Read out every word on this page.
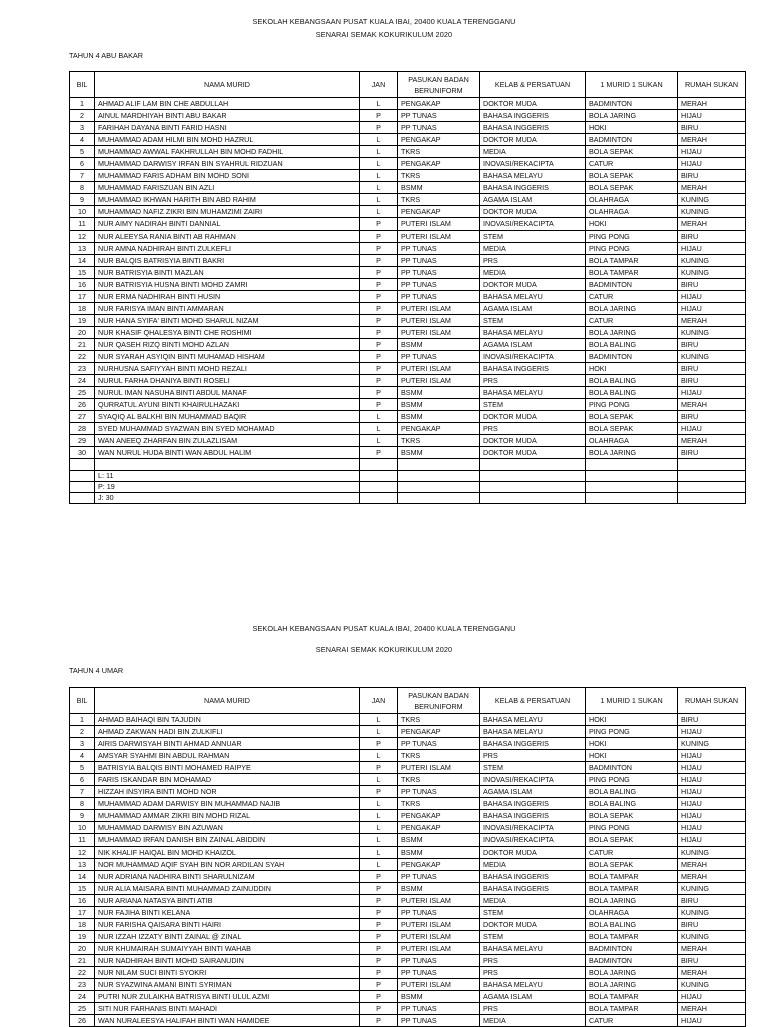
SEKOLAH KEBANGSAAN PUSAT KUALA IBAI, 20400 KUALA TERENGGANU
SENARAI SEMAK KOKURIKULUM 2020
TAHUN 4 ABU BAKAR
BIL	NAMA MURID	JAN	PASUKAN BADAN BERUNIFORM	KELAB & PERSATUAN	1 MURID 1 SUKAN	RUMAH SUKAN
1	AHMAD ALIF LAM BIN CHE ABDULLAH	L	PENGAKAP	DOKTOR MUDA	BADMINTON	MERAH
2	AINUL MARDHIYAH BINTI ABU BAKAR	P	PP TUNAS	BAHASA INGGERIS	BOLA JARING	HIJAU
3	FARIHAH DAYANA BINTI FARID HASNI	P	PP TUNAS	BAHASA INGGERIS	HOKI	BIRU
4	MUHAMMAD ADAM HILMI BIN MOHD HAZRUL	L	PENGAKAP	DOKTOR MUDA	BADMINTON	MERAH
5	MUHAMMAD AWWAL FAKHRULLAH BIN MOHD FADHIL	L	TKRS	MEDIA	BOLA SEPAK	HIJAU
6	MUHAMMAD DARWISY IRFAN BIN SYAHRUL RIDZUAN	L	PENGAKAP	INOVASI/REKACIPTA	CATUR	HIJAU
7	MUHAMMAD FARIS ADHAM BIN MOHD SONI	L	TKRS	BAHASA MELAYU	BOLA SEPAK	BIRU
8	MUHAMMAD FARISZUAN BIN AZLI	L	BSMM	BAHASA INGGERIS	BOLA SEPAK	MERAH
9	MUHAMMAD IKHWAN HARITH BIN ABD RAHIM	L	TKRS	AGAMA ISLAM	OLAHRAGA	KUNING
10	MUHAMMAD NAFIZ ZIKRI BIN MUHAMZIMI ZAIRI	L	PENGAKAP	DOKTOR MUDA	OLAHRAGA	KUNING
11	NUR AIMY NADIRAH BINTI DANNIAL	P	PUTERI ISLAM	INOVASI/REKACIPTA	HOKI	MERAH
12	NUR ALEEYSA RANIA BINTI AB RAHMAN	P	PUTERI ISLAM	STEM	PING PONG	BIRU
13	NUR AMNA NADHIRAH BINTI ZULKEFLI	P	PP TUNAS	MEDIA	PING PONG	HIJAU
14	NUR BALQIS BATRISYIA BINTI BAKRI	P	PP TUNAS	PRS	BOLA TAMPAR	KUNING
15	NUR BATRISYIA BINTI MAZLAN	P	PP TUNAS	MEDIA	BOLA TAMPAR	KUNING
16	NUR BATRISYIA HUSNA BINTI MOHD ZAMRI	P	PP TUNAS	DOKTOR MUDA	BADMINTON	BIRU
17	NUR ERMA NADHIRAH BINTI HUSIN	P	PP TUNAS	BAHASA MELAYU	CATUR	HIJAU
18	NUR FARISYA IMAN BINTI AMMARAN	P	PUTERI ISLAM	AGAMA ISLAM	BOLA JARING	HIJAU
19	NUR HANA SYIFA' BINTI MOHD SHARUL NIZAM	P	PUTERI ISLAM	STEM	CATUR	MERAH
20	NUR KHASIF QHALESYA BINTI CHE ROSHIMI	P	PUTERI ISLAM	BAHASA MELAYU	BOLA JARING	KUNING
21	NUR QASEH RIZQ BINTI MOHD AZLAN	P	BSMM	AGAMA ISLAM	BOLA BALING	BIRU
22	NUR SYARAH ASYIQIN BINTI MUHAMAD HISHAM	P	PP TUNAS	INOVASI/REKACIPTA	BADMINTON	KUNING
23	NURHUSNA SAFIYYAH BINTI MOHD REZALI	P	PUTERI ISLAM	BAHASA INGGERIS	HOKI	BIRU
24	NURUL FARHA DHANIYA BINTI ROSELI	P	PUTERI ISLAM	PRS	BOLA BALING	BIRU
25	NURUL IMAN NASUHA BINTI ABDUL MANAF	P	BSMM	BAHASA MELAYU	BOLA BALING	HIJAU
26	QURRATUL AYUNI BINTI KHAIRULHAZAKI	P	BSMM	STEM	PING PONG	MERAH
27	SYAQIQ AL BALKHI BIN MUHAMMAD BAQIR	L	BSMM	DOKTOR MUDA	BOLA SEPAK	BIRU
28	SYED MUHAMMAD SYAZWAN BIN SYED MOHAMAD	L	PENGAKAP	PRS	BOLA SEPAK	HIJAU
29	WAN ANEEQ ZHARFAN BIN ZULAZLISAM	L	TKRS	DOKTOR MUDA	OLAHRAGA	MERAH
30	WAN NURUL HUDA BINTI WAN ABDUL HALIM	P	BSMM	DOKTOR MUDA	BOLA JARING	BIRU

	L: 11					
	P: 19					
	J: 30					
SEKOLAH KEBANGSAAN PUSAT KUALA IBAI, 20400 KUALA TERENGGANU
SENARAI SEMAK KOKURIKULUM 2020
TAHUN 4 UMAR
BIL	NAMA MURID	JAN	PASUKAN BADAN BERUNIFORM	KELAB & PERSATUAN	1 MURID 1 SUKAN	RUMAH SUKAN
1	AHMAD BAIHAQI BIN TAJUDIN	L	TKRS	BAHASA MELAYU	HOKI	BIRU
2	AHMAD ZAKWAN HADI BIN ZULKIFLI	L	PENGAKAP	BAHASA MELAYU	PING PONG	HIJAU
3	AIRIS DARWISYAH BINTI AHMAD ANNUAR	P	PP TUNAS	BAHASA INGGERIS	HOKI	KUNING
4	AMSYAR SYAHMI BIN ABDUL RAHMAN	L	TKRS	PRS	HOKI	HIJAU
5	BATRISYIA BALQIS BINTI MOHAMED RAIPYE	P	PUTERI ISLAM	STEM	BADMINTON	HIJAU
6	FARIS ISKANDAR BIN MOHAMAD	L	TKRS	INOVASI/REKACIPTA	PING PONG	HIJAU
7	HIZZAH INSYIRA BINTI MOHD NOR	P	PP TUNAS	AGAMA ISLAM	BOLA BALING	HIJAU
8	MUHAMMAD ADAM DARWISY BIN MUHAMMAD NAJIB	L	TKRS	BAHASA INGGERIS	BOLA BALING	HIJAU
9	MUHAMMAD AMMAR ZIKRI BIN MOHD RIZAL	L	PENGAKAP	BAHASA INGGERIS	BOLA SEPAK	HIJAU
10	MUHAMMAD DARWISY BIN AZUWAN	L	PENGAKAP	INOVASI/REKACIPTA	PING PONG	HIJAU
11	MUHAMMAD IRFAN DANISH BIN ZAINAL ABIDDIN	L	BSMM	INOVASI/REKACIPTA	BOLA SEPAK	HIJAU
12	NIK KHALIF HAIQAL BIN MOHD KHAIZOL	L	BSMM	DOKTOR MUDA	CATUR	KUNING
13	NOR MUHAMMAD AQIF SYAH BIN NOR ARDILAN SYAH	L	PENGAKAP	MEDIA	BOLA SEPAK	MERAH
14	NUR ADRIANA NADHIRA BINTI SHARULNIZAM	P	PP TUNAS	BAHASA INGGERIS	BOLA TAMPAR	MERAH
15	NUR ALIA MAISARA BINTI MUHAMMAD ZAINUDDIN	P	BSMM	BAHASA INGGERIS	BOLA TAMPAR	KUNING
16	NUR ARIANA NATASYA BINTI ATIB	P	PUTERI ISLAM	MEDIA	BOLA JARING	BIRU
17	NUR FAJIHA BINTI KELANA	P	PP TUNAS	STEM	OLAHRAGA	KUNING
18	NUR FARISHA QAISARA BINTI HAIRI	P	PUTERI ISLAM	DOKTOR MUDA	BOLA BALING	BIRU
19	NUR IZZAH IZZATY BINTI ZAINAL @ ZINAL	P	PUTERI ISLAM	STEM	BOLA TAMPAR	KUNING
20	NUR KHUMAIRAH SUMAIYYAH BINTI WAHAB	P	PUTERI ISLAM	BAHASA MELAYU	BADMINTON	MERAH
21	NUR NADHIRAH BINTI MOHD SAIRANUDIN	P	PP TUNAS	PRS	BADMINTON	BIRU
22	NUR NILAM SUCI BINTI SYOKRI	P	PP TUNAS	PRS	BOLA JARING	MERAH
23	NUR SYAZWINA AMANI BINTI SYRIMAN	P	PUTERI ISLAM	BAHASA MELAYU	BOLA JARING	KUNING
24	PUTRI NUR ZULAIKHA BATRISYA BINTI ULUL AZMI	P	BSMM	AGAMA ISLAM	BOLA TAMPAR	HIJAU
25	SITI NUR FARHANIS BINTI MAHADI	P	PP TUNAS	PRS	BOLA TAMPAR	MERAH
26	WAN NURALEESYA HALIFAH BINTI WAN HAMIDEE	P	PP TUNAS	MEDIA	CATUR	HIJAU
